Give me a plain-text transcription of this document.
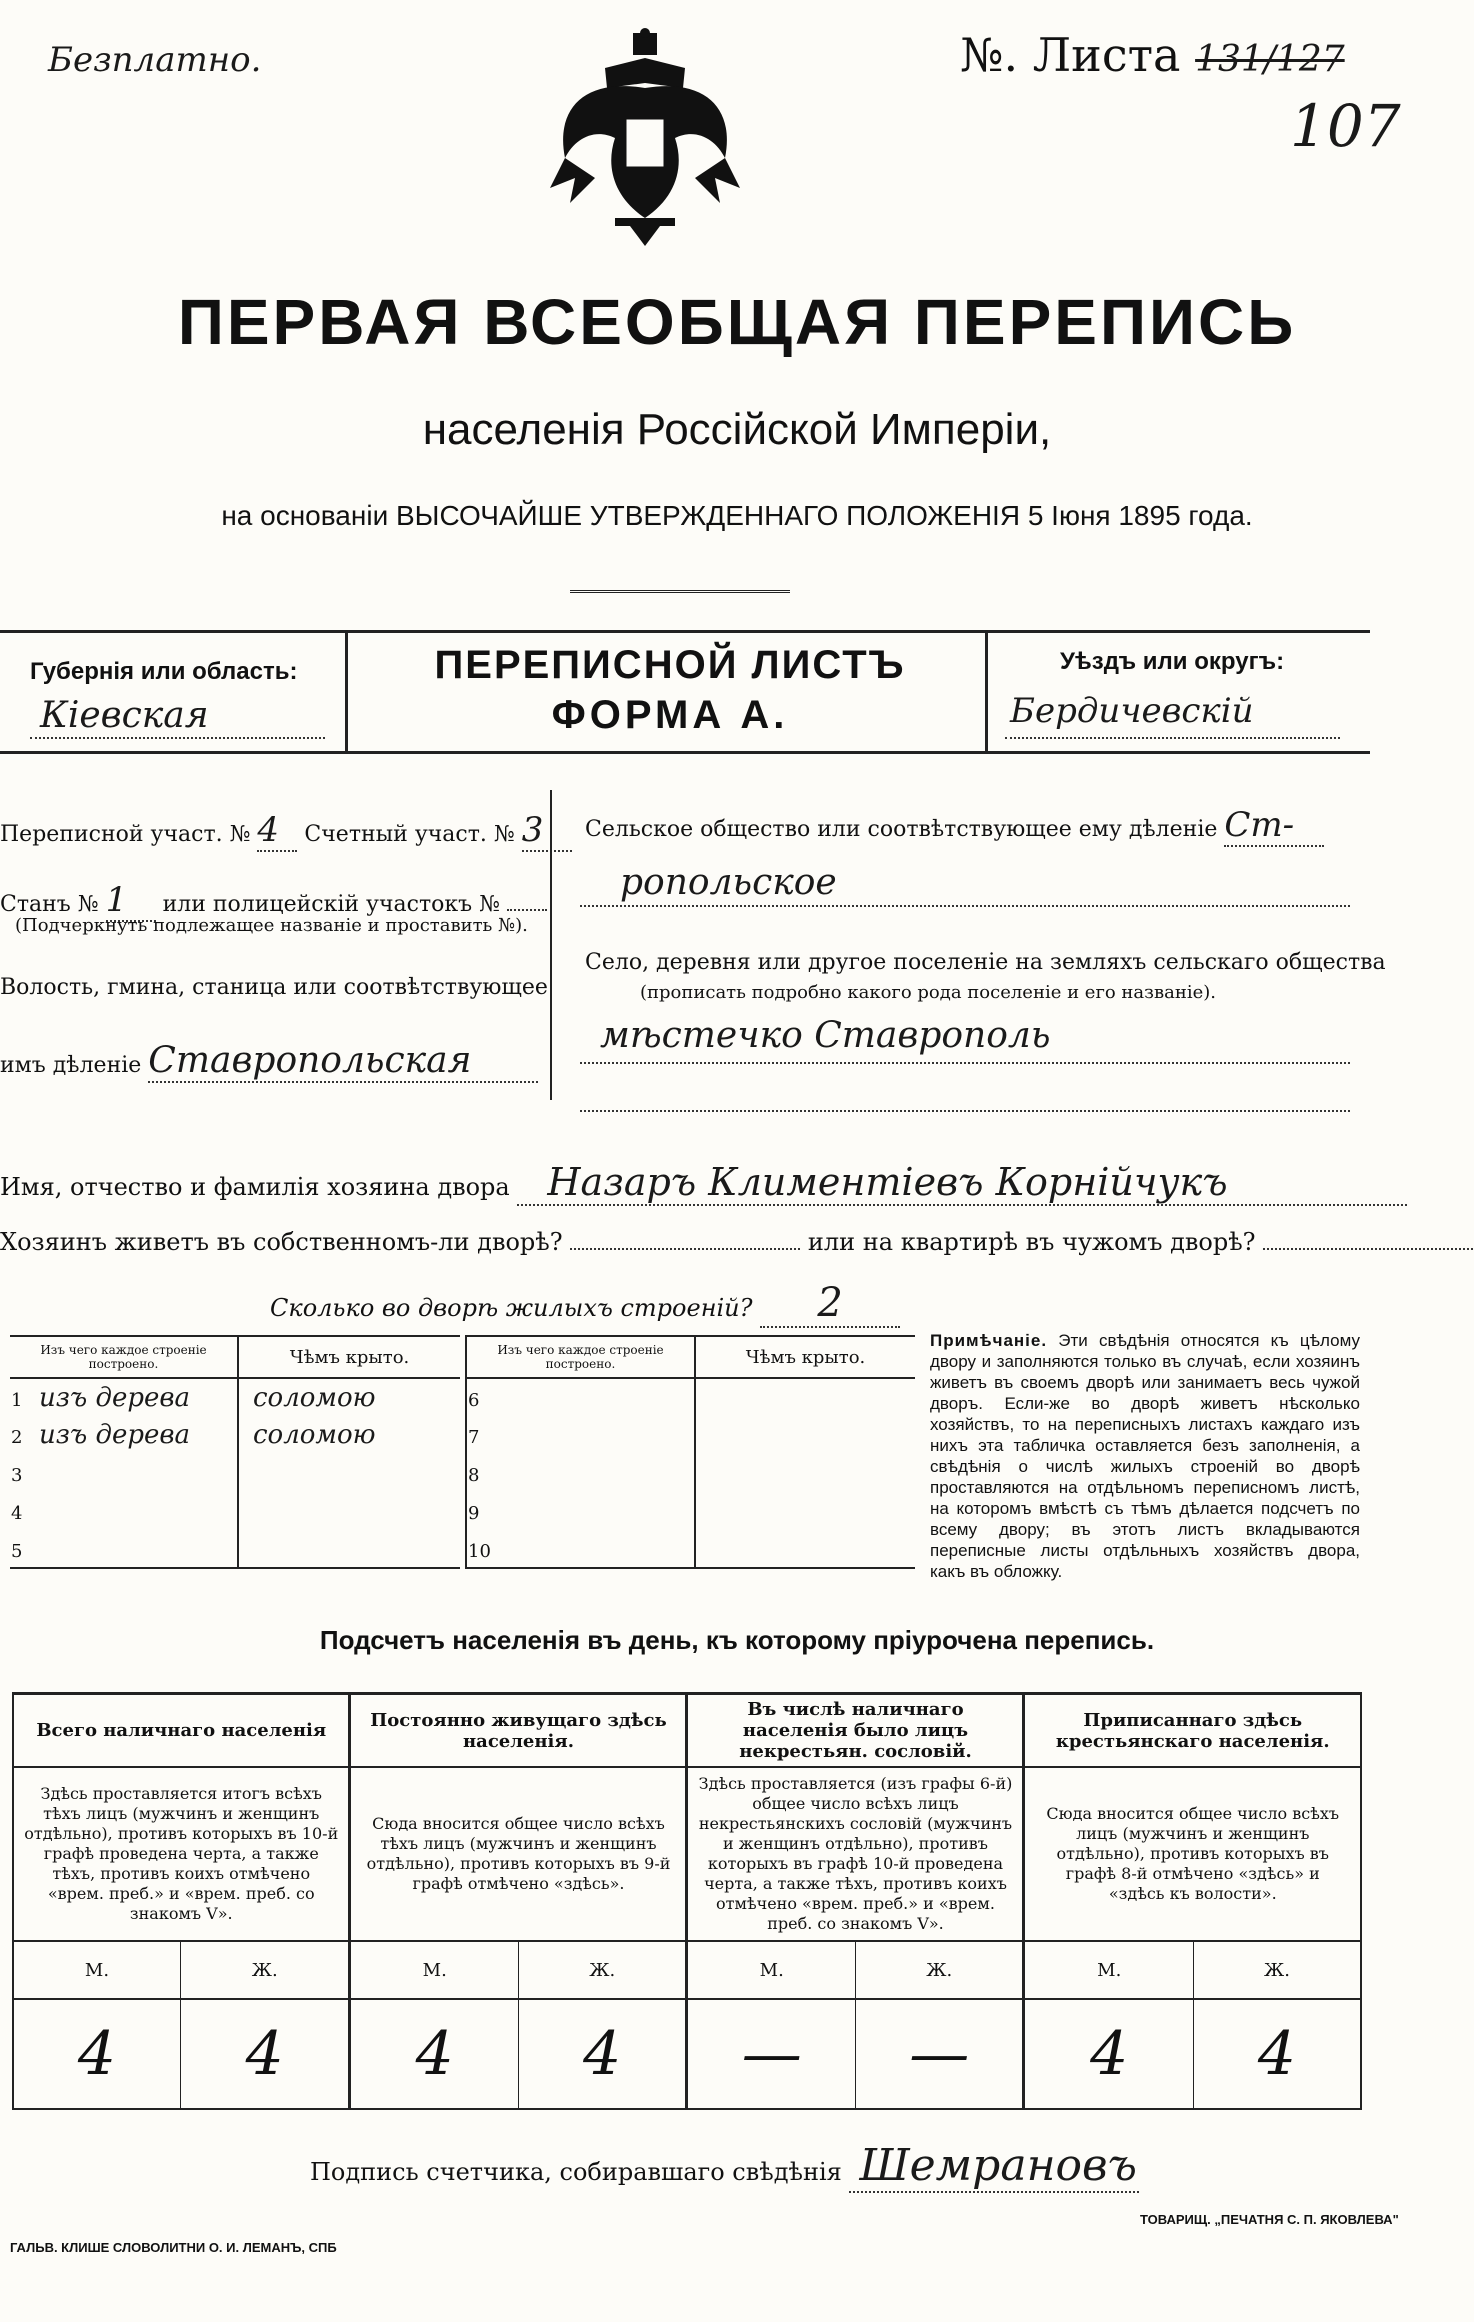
Безплатно.	№. Листа 131/127
107
ПЕРВАЯ ВСЕОБЩАЯ ПЕРЕПИСЬ
населенія Россійской Имперіи,
на основаніи ВЫСОЧАЙШЕ УТВЕРЖДЕННАГО ПОЛОЖЕНІЯ 5 Іюня 1895 года.
Губернія или область:
Кіевская
ПЕРЕПИСНОЙ ЛИСТЪ
ФОРМА А.
Уѣздъ или округъ:
Бердичевскій
Переписной участ. № 4 Счетный участ. № 3
Станъ № 1 или полицейскій участокъ №
(Подчеркнуть подлежащее названіе и проставить №).
Волость, гмина, станица или соотвѣтствующее
имъ дѣленіе Ставропольская
Сельское общество или соотвѣтствующее ему дѣленіе Ст-
ропольское
Село, деревня или другое поселеніе на земляхъ сельскаго общества
(прописать подробно какого рода поселеніе и его названіе).
мѣстечко Ставрополь
Имя, отчество и фамилія хозяина двора Назаръ Климентіевъ Корнійчукъ
Хозяинъ живетъ въ собственномъ-ли дворѣ?	или на квартирѣ въ чужомъ дворѣ?
Сколько во дворѣ жилыхъ строеній? 2
Изъ чего каждое строеніе построено.	Чѣмъ крыто.
1 изъ дерева	соломою
2 изъ дерева	соломою
3	
4	
5	
Изъ чего каждое строеніе построено.	Чѣмъ крыто.
6	
7	
8	
9	
10	
Примѣчаніе. Эти свѣдѣнія относятся къ цѣлому двору и заполняются только въ случаѣ, если хозяинъ живетъ въ своемъ дворѣ или занимаетъ весь чужой дворъ. Если-же во дворѣ живетъ нѣсколько хозяйствъ, то на переписныхъ листахъ каждаго изъ нихъ эта табличка оставляется безъ заполненія, а свѣдѣнія о числѣ жилыхъ строеній во дворѣ проставляются на отдѣльномъ переписномъ листѣ, на которомъ вмѣстѣ съ тѣмъ дѣлается подсчетъ по всему двору; въ этотъ листъ вкладываются переписные листы отдѣльныхъ хозяйствъ двора, какъ въ обложку.
Подсчетъ населенія въ день, къ которому пріурочена перепись.
Всего наличнаго населенія		Постоянно живущаго здѣсь населенія.		Въ числѣ наличнаго населенія было лицъ некрестьян. сословій.		Приписаннаго здѣсь крестьянскаго населенія.	
Здѣсь проставляется итогъ всѣхъ тѣхъ лицъ (мужчинъ и женщинъ отдѣльно), противъ которыхъ въ 10-й графѣ проведена черта, а также тѣхъ, противъ коихъ отмѣчено «врем. преб.» и «врем. преб. со знакомъ V».		Сюда вносится общее число всѣхъ тѣхъ лицъ (мужчинъ и женщинъ отдѣльно), противъ которыхъ въ 9-й графѣ отмѣчено «здѣсь».		Здѣсь проставляется (изъ графы 6-й) общее число всѣхъ лицъ некрестьянскихъ сословій (мужчинъ и женщинъ отдѣльно), противъ которыхъ въ графѣ 10-й проведена черта, а также тѣхъ, противъ коихъ отмѣчено «врем. преб.» и «врем. преб. со знакомъ V».		Сюда вносится общее число всѣхъ лицъ (мужчинъ и женщинъ отдѣльно), противъ которыхъ въ графѣ 8-й отмѣчено «здѣсь» и «здѣсь къ волости».	
М.	Ж.	М.	Ж.	М.	Ж.	М.	Ж.
4	4	4	4	—	—	4	4
Подпись счетчика, собиравшаго свѣдѣнія Шемрановъ
ГАЛЬВ. КЛИШЕ СЛОВОЛИТНИ О. И. ЛЕМАНЪ, СПБ
ТОВАРИЩ. „ПЕЧАТНЯ С. П. ЯКОВЛЕВА"
